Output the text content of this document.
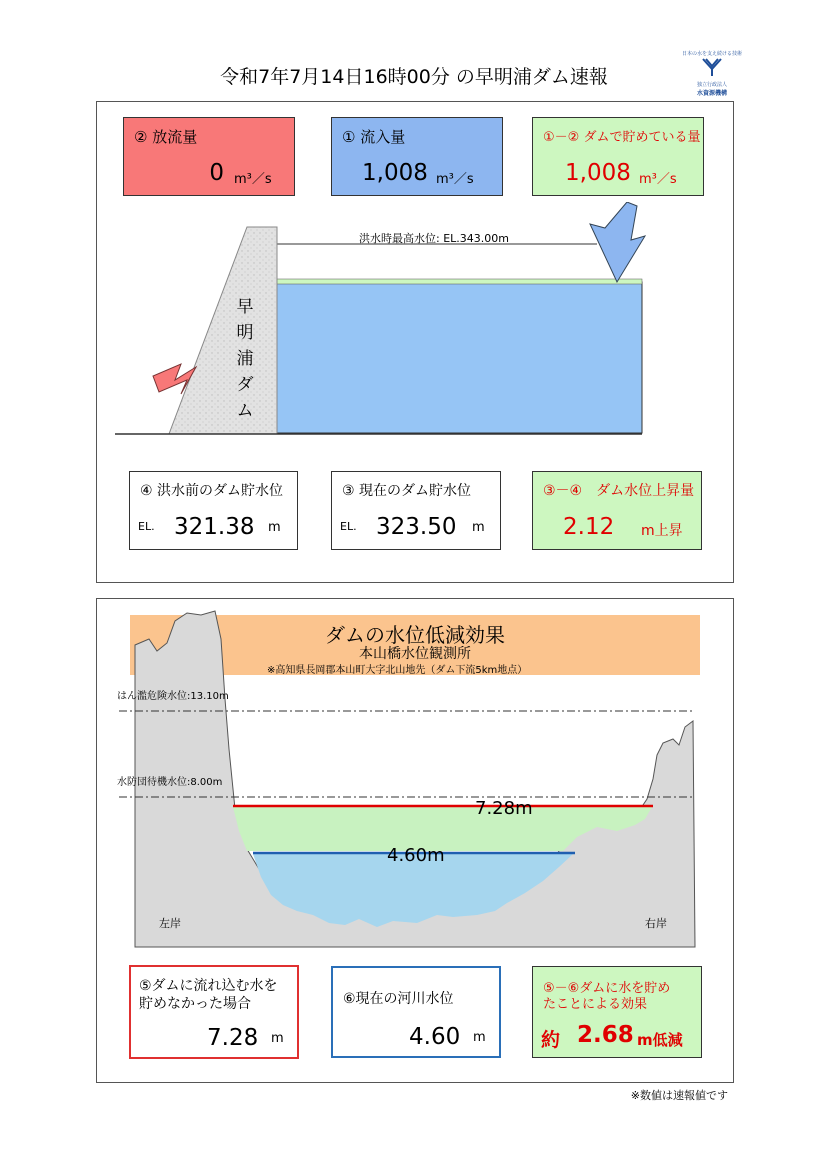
令和7年7月14日16時00分 の早明浦ダム速報
日本の水を支え続ける技術
独立行政法人
水資源機構
② 放流量
0 m³／s
① 流入量
1,008 m³／s
①－② ダムで貯めている量
1,008 m³／s
洪水時最高水位: EL.343.00m
早
明
浦
ダ
ム
④ 洪水前のダム貯水位
EL. 321.38 m
③ 現在のダム貯水位
EL. 323.50 m
③－④　ダム水位上昇量
2.12 m上昇
ダムの水位低減効果
本山橋水位観測所
※高知県長岡郡本山町大字北山地先（ダム下流5km地点）
はん濫危険水位:13.10m
水防団待機水位:8.00m
7.28m
4.60m
左岸	右岸
⑤ダムに流れ込む水を
貯めなかった場合
7.28 m
⑥現在の河川水位
4.60 m
⑤－⑥ダムに水を貯め
たことによる効果
約 2.68 m低減
※数値は速報値です
